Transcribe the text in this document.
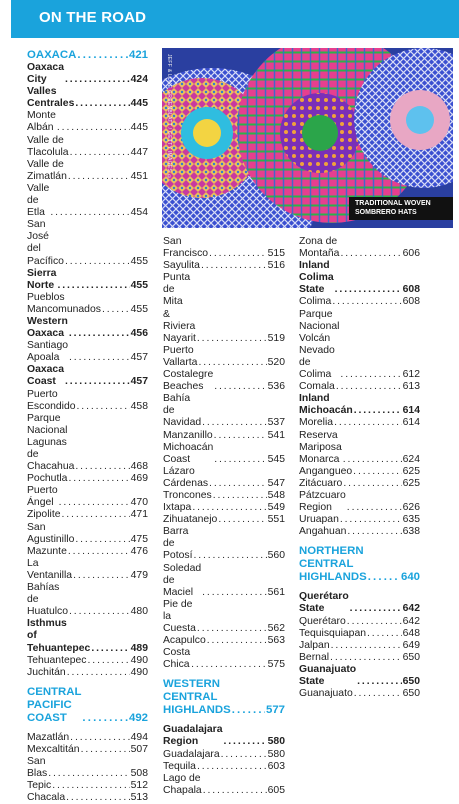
ON THE ROAD
JEFF & LUKE GREENBLATT / GETTY IMAGES ©
TRADITIONAL WOVEN
SOMBRERO HATS
OAXACA . . .	421
Oaxaca City . . .	424
Valles Centrales . . .	445
Monte Albán . . .	445
Valle de Tlacolula . . .	447
Valle de Zimatlán . . .	451
Valle de Etla . . .	454
San José
del Pacífico . . .	455
Sierra Norte . . .	455
Pueblos
Mancomunados . . .	455
Western Oaxaca . . .	456
Santiago Apoala . . .	457
Oaxaca Coast . . .	457
Puerto Escondido . . .	458
Parque Nacional
Lagunas
de Chacahua . . .	468
Pochutla . . .	469
Puerto Ángel . . .	470
Zipolite . . .	471
San Agustinillo . . .	475
Mazunte . . .	476
La Ventanilla . . .	479
Bahías de
Huatulco . . .	480
Isthmus
of Tehuantepec . . .	489
Tehuantepec . . .	490
Juchitán . . .	490
CENTRAL
PACIFIC COAST . . .	492
Mazatlán . . .	494
Mexcaltitán . . .	507
San Blas . . .	508
Tepic . . .	512
Chacala . . .	513
San Francisco . . .	515
Sayulita . . .	516
Punta de Mita
& Riviera Nayarit . . .	519
Puerto Vallarta . . .	520
Costalegre Beaches . . .	536
Bahía de Navidad . . .	537
Manzanillo . . .	541
Michoacán Coast . . .	545
Lázaro Cárdenas . . .	547
Troncones . . .	548
Ixtapa . . .	549
Zihuatanejo . . .	551
Barra de Potosí . . .	560
Soledad de Maciel . . .	561
Pie de la Cuesta . . .	562
Acapulco . . .	563
Costa Chica . . .	575
WESTERN CENTRAL
HIGHLANDS . . .	577
Guadalajara
Region . . .	580
Guadalajara . . .	580
Tequila . . .	603
Lago de Chapala . . .	605
Zona de Montaña . . .	606
Inland
Colima State . . .	608
Colima . . .	608
Parque Nacional Volcán
Nevado de Colima . . .	612
Comala . . .	613
Inland Michoacán . . .	614
Morelia . . .	614
Reserva
Mariposa Monarca . . .	624
Angangueo . . .	625
Zitácuaro . . .	625
Pátzcuaro Region . . .	626
Uruapan . . .	635
Angahuan . . .	638
NORTHERN CENTRAL
HIGHLANDS . . .	640
Querétaro State . . .	642
Querétaro . . .	642
Tequisquiapan . . .	648
Jalpan . . .	649
Bernal . . .	650
Guanajuato State . . .	650
Guanajuato . . .	650
